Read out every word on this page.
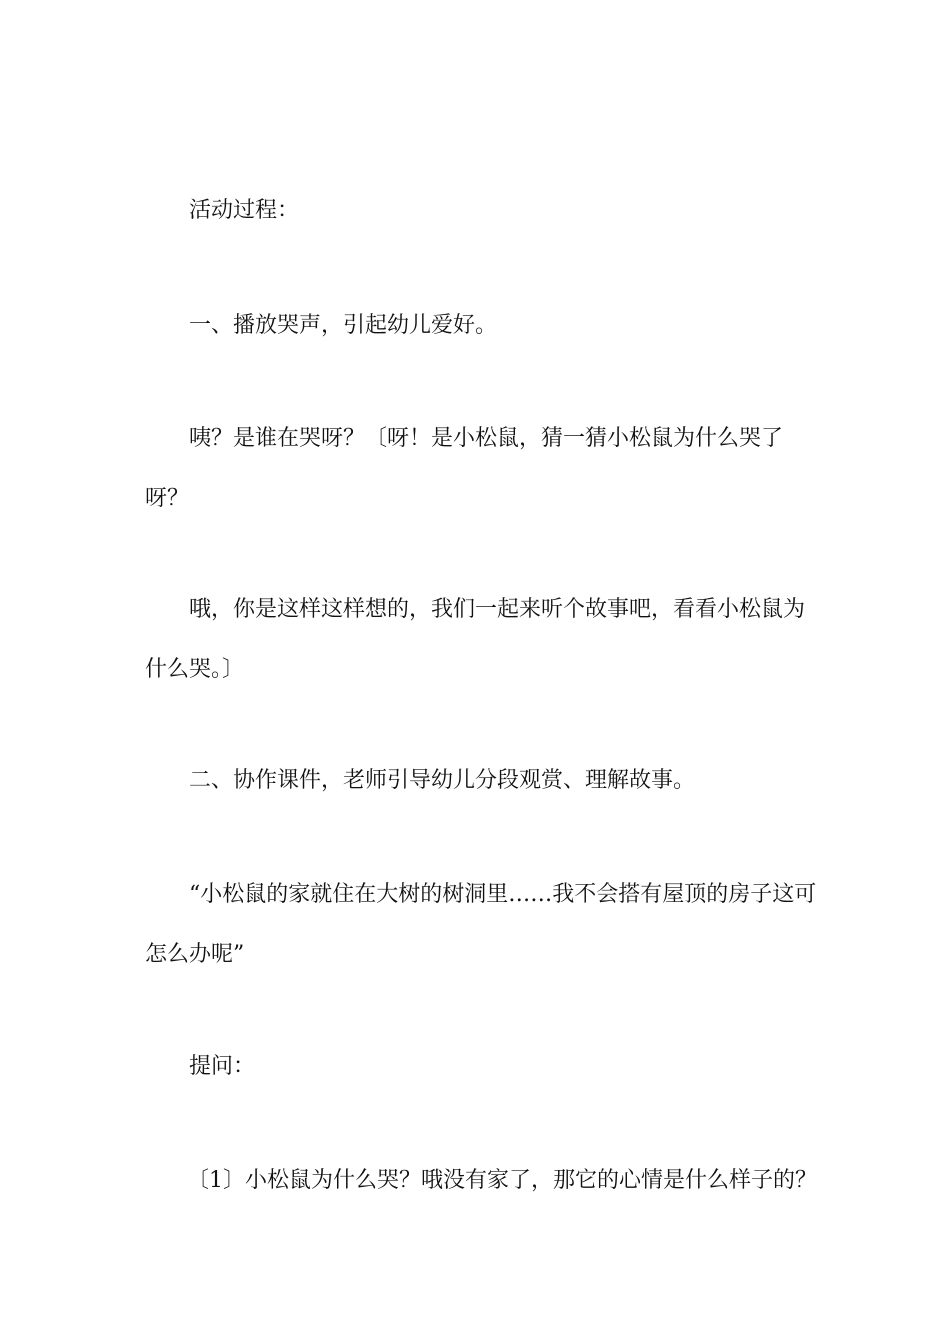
活动过程：

一、播放哭声，引起幼儿爱好。

咦？是谁在哭呀？〔呀！是小松鼠，猜一猜小松鼠为什么哭了呀？

哦，你是这样这样想的，我们一起来听个故事吧，看看小松鼠为什么哭。〕

二、协作课件，老师引导幼儿分段观赏、理解故事。

“小松鼠的家就住在大树的树洞里……我不会搭有屋顶的房子这可怎么办呢”

提问：

〔1〕小松鼠为什么哭？哦没有家了，那它的心情是什么样子的？
